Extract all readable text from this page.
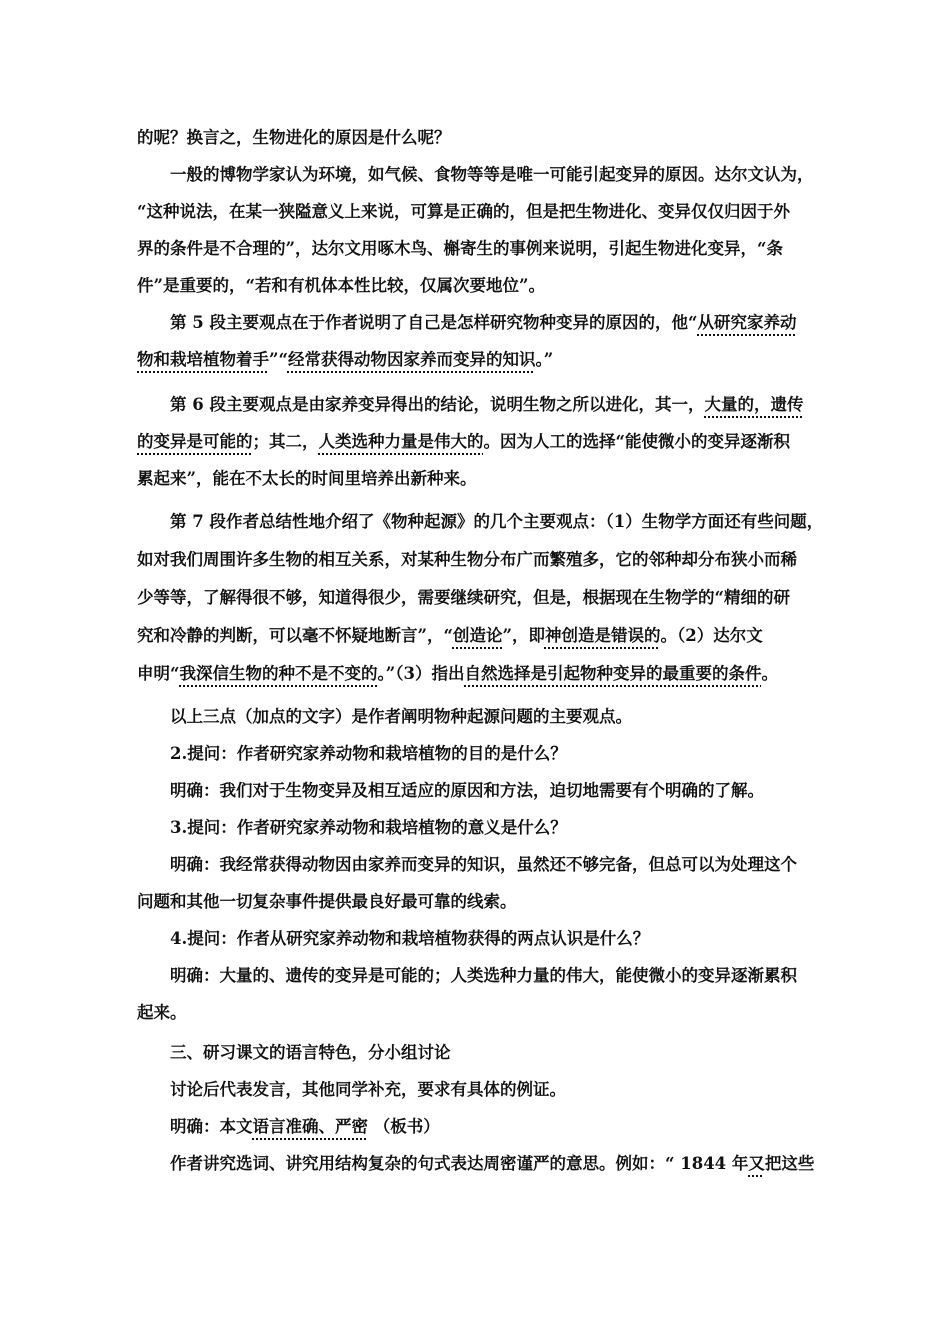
的呢？换言之，生物进化的原因是什么呢？
一般的博物学家认为环境，如气候、食物等等是唯一可能引起变异的原因。达尔文认为，
“这种说法，在某一狭隘意义上来说，可算是正确的，但是把生物进化、变异仅仅归因于外
界的条件是不合理的”，达尔文用啄木鸟、槲寄生的事例来说明，引起生物进化变异，“条
件”是重要的，“若和有机体本性比较，仅属次要地位”。
第 5 段主要观点在于作者说明了自己是怎样研究物种变异的原因的，他“从研究家养动
物和栽培植物着手”“经常获得动物因家养而变异的知识。”
第 6 段主要观点是由家养变异得出的结论，说明生物之所以进化，其一，大量的，遗传
的变异是可能的；其二，人类选种力量是伟大的。因为人工的选择“能使微小的变异逐渐积
累起来”，能在不太长的时间里培养出新种来。
第 7 段作者总结性地介绍了《物种起源》的几个主要观点：（1）生物学方面还有些问题，
如对我们周围许多生物的相互关系，对某种生物分布广而繁殖多，它的邻种却分布狭小而稀
少等等，了解得很不够，知道得很少，需要继续研究，但是，根据现在生物学的“精细的研
究和冷静的判断，可以毫不怀疑地断言”，“创造论”，即神创造是错误的。（2）达尔文
申明“我深信生物的种不是不变的。”（3）指出自然选择是引起物种变异的最重要的条件。
以上三点（加点的文字）是作者阐明物种起源问题的主要观点。
2.提问：作者研究家养动物和栽培植物的目的是什么？
明确：我们对于生物变异及相互适应的原因和方法，迫切地需要有个明确的了解。
3.提问：作者研究家养动物和栽培植物的意义是什么？
明确：我经常获得动物因由家养而变异的知识，虽然还不够完备，但总可以为处理这个
问题和其他一切复杂事件提供最良好最可靠的线索。
4.提问：作者从研究家养动物和栽培植物获得的两点认识是什么？
明确：大量的、遗传的变异是可能的；人类选种力量的伟大，能使微小的变异逐渐累积
起来。
三、研习课文的语言特色，分小组讨论
讨论后代表发言，其他同学补充，要求有具体的例证。
明确：本文语言准确、严密 （板书）
作者讲究选词、讲究用结构复杂的句式表达周密谨严的意思。例如：“ 1844 年又把这些
